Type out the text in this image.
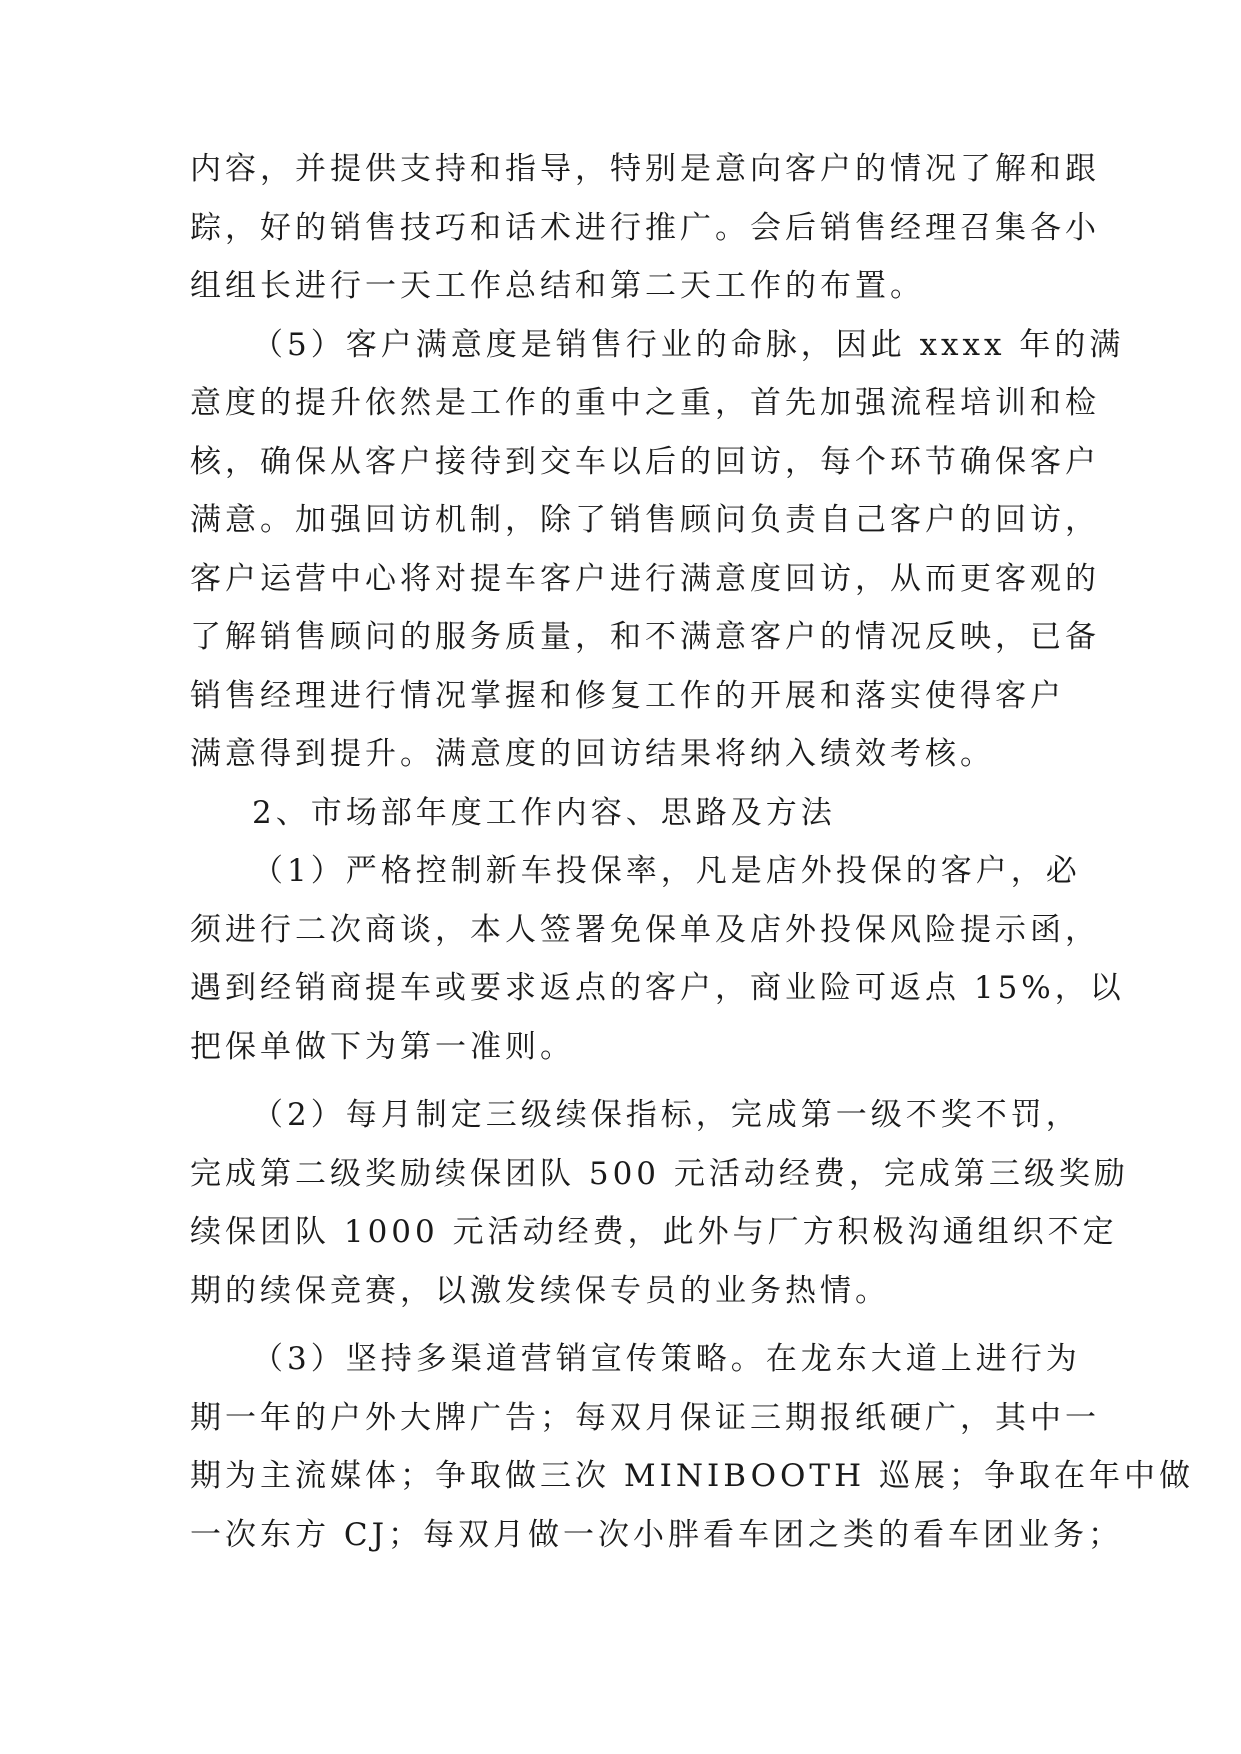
内容，并提供支持和指导，特别是意向客户的情况了解和跟
踪，好的销售技巧和话术进行推广。会后销售经理召集各小
组组长进行一天工作总结和第二天工作的布置。
（5）客户满意度是销售行业的命脉，因此 xxxx 年的满
意度的提升依然是工作的重中之重，首先加强流程培训和检
核，确保从客户接待到交车以后的回访，每个环节确保客户
满意。加强回访机制，除了销售顾问负责自己客户的回访，
客户运营中心将对提车客户进行满意度回访，从而更客观的
了解销售顾问的服务质量，和不满意客户的情况反映，已备
销售经理进行情况掌握和修复工作的开展和落实使得客户
满意得到提升。满意度的回访结果将纳入绩效考核。
2、市场部年度工作内容、思路及方法
（1）严格控制新车投保率，凡是店外投保的客户，必
须进行二次商谈，本人签署免保单及店外投保风险提示函，
遇到经销商提车或要求返点的客户，商业险可返点 15%，以
把保单做下为第一准则。
（2）每月制定三级续保指标，完成第一级不奖不罚，
完成第二级奖励续保团队 500 元活动经费，完成第三级奖励
续保团队 1000 元活动经费，此外与厂方积极沟通组织不定
期的续保竞赛，以激发续保专员的业务热情。
（3）坚持多渠道营销宣传策略。在龙东大道上进行为
期一年的户外大牌广告；每双月保证三期报纸硬广，其中一
期为主流媒体；争取做三次 MINIBOOTH 巡展；争取在年中做
一次东方 CJ；每双月做一次小胖看车团之类的看车团业务；
